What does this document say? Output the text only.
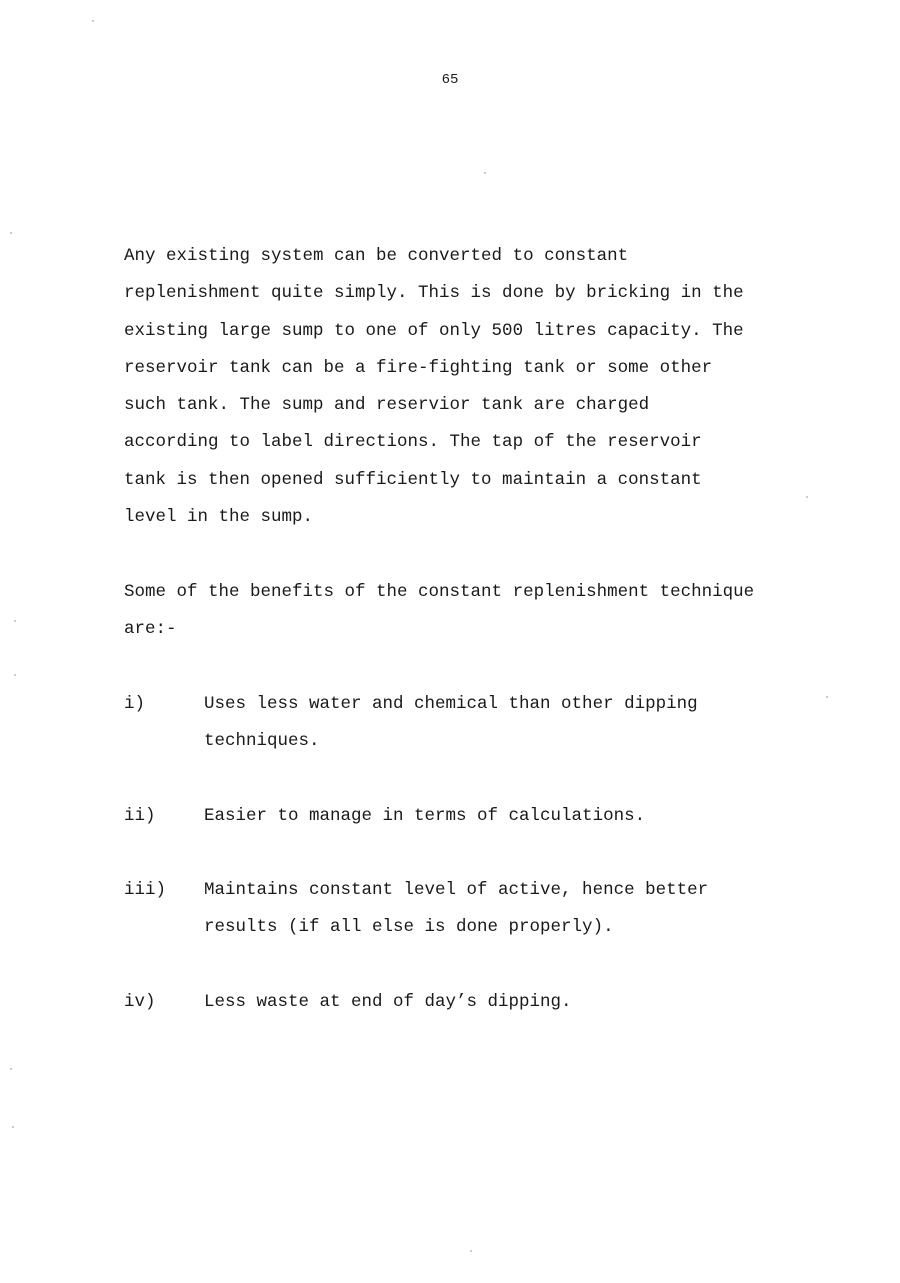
65
Any existing system can be converted to constant
replenishment quite simply. This is done by bricking in the
existing large sump to one of only 500 litres capacity. The
reservoir tank can be a fire-fighting tank or some other
such tank. The sump and reservior tank are charged
according to label directions. The tap of the reservoir
tank is then opened sufficiently to maintain a constant
level in the sump.
Some of the benefits of the constant replenishment technique
are:-
i)	Uses less water and chemical than other dipping
techniques.
ii)	Easier to manage in terms of calculations.
iii) Maintains constant level of active, hence better
results (if all else is done properly).
iv)	Less waste at end of day’s dipping.
